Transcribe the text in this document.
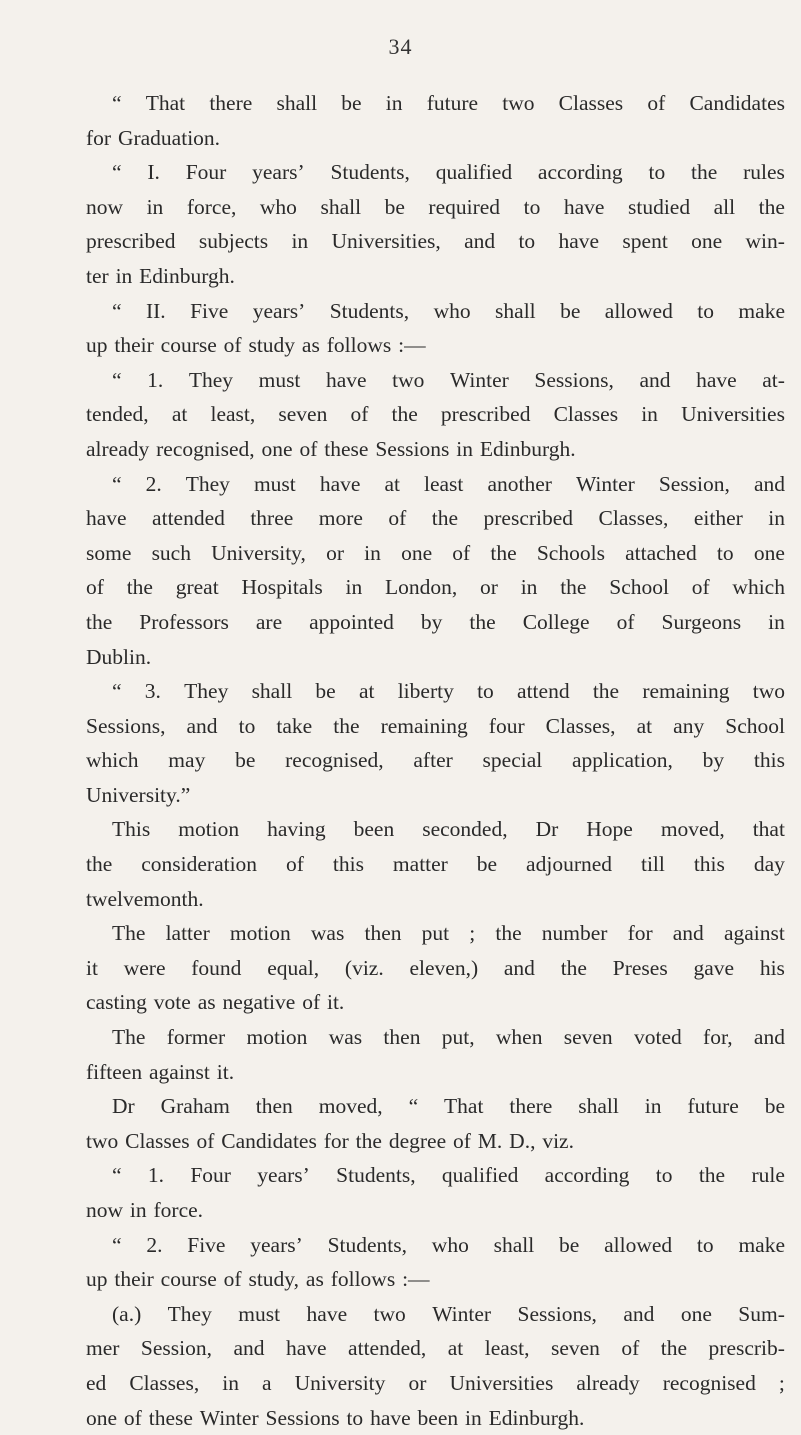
34
“ That there shall be in future two Classes of Candidates
for Graduation.
“ I. Four years’ Students, qualified according to the rules
now in force, who shall be required to have studied all the
prescribed subjects in Universities, and to have spent one win-
ter in Edinburgh.
“ II. Five years’ Students, who shall be allowed to make
up their course of study as follows :—
“ 1. They must have two Winter Sessions, and have at-
tended, at least, seven of the prescribed Classes in Universities
already recognised, one of these Sessions in Edinburgh.
“ 2. They must have at least another Winter Session, and
have attended three more of the prescribed Classes, either in
some such University, or in one of the Schools attached to one
of the great Hospitals in London, or in the School of which
the Professors are appointed by the College of Surgeons in
Dublin.
“ 3. They shall be at liberty to attend the remaining two
Sessions, and to take the remaining four Classes, at any School
which may be recognised, after special application, by this
University.”
This motion having been seconded, Dr Hope moved, that
the consideration of this matter be adjourned till this day
twelvemonth.
The latter motion was then put ; the number for and against
it were found equal, (viz. eleven,) and the Preses gave his
casting vote as negative of it.
The former motion was then put, when seven voted for, and
fifteen against it.
Dr Graham then moved, “ That there shall in future be
two Classes of Candidates for the degree of M. D., viz.
“ 1. Four years’ Students, qualified according to the rule
now in force.
“ 2. Five years’ Students, who shall be allowed to make
up their course of study, as follows :—
(a.) They must have two Winter Sessions, and one Sum-
mer Session, and have attended, at least, seven of the prescrib-
ed Classes, in a University or Universities already recognised ;
one of these Winter Sessions to have been in Edinburgh.
